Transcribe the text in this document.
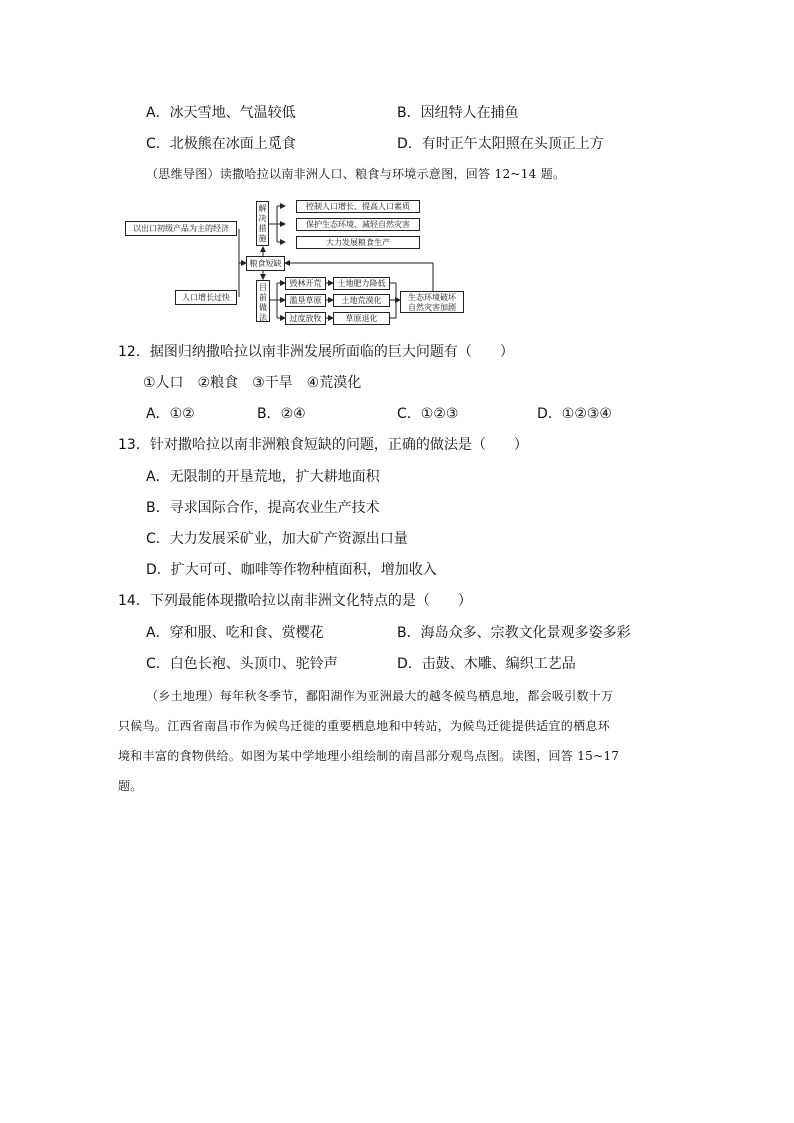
A．冰天雪地、气温较低	B．因纽特人在捕鱼
C．北极熊在冰面上觅食	D．有时正午太阳照在头顶正上方
（思维导图）读撒哈拉以南非洲人口、粮食与环境示意图，回答 12~14 题。
以出口初级产品为主的经济
人口增长过快
粮食短缺
解
决
措
施
目
前
做
法
控制人口增长、提高人口素质
保护生态环境、减轻自然灾害
大力发展粮食生产
毁林开荒
滥垦草原
过度放牧
土地肥力降低
土地荒漠化
草原退化
生态环境破坏
自然灾害加剧
12．据图归纳撒哈拉以南非洲发展所面临的巨大问题有（　　）
①人口　②粮食　③干旱　④荒漠化
A．①②	B．②④	C．①②③	D．①②③④
13．针对撒哈拉以南非洲粮食短缺的问题，正确的做法是（　　）
A．无限制的开垦荒地，扩大耕地面积
B．寻求国际合作，提高农业生产技术
C．大力发展采矿业，加大矿产资源出口量
D．扩大可可、咖啡等作物种植面积，增加收入
14．下列最能体现撒哈拉以南非洲文化特点的是（　　）
A．穿和服、吃和食、赏樱花	B．海岛众多、宗教文化景观多姿多彩
C．白色长袍、头顶巾、驼铃声	D．击鼓、木雕、编织工艺品
（乡土地理）每年秋冬季节，鄱阳湖作为亚洲最大的越冬候鸟栖息地，都会吸引数十万
只候鸟。江西省南昌市作为候鸟迁徙的重要栖息地和中转站，为候鸟迁徙提供适宜的栖息环
境和丰富的食物供给。如图为某中学地理小组绘制的南昌部分观鸟点图。读图，回答 15~17
题。
